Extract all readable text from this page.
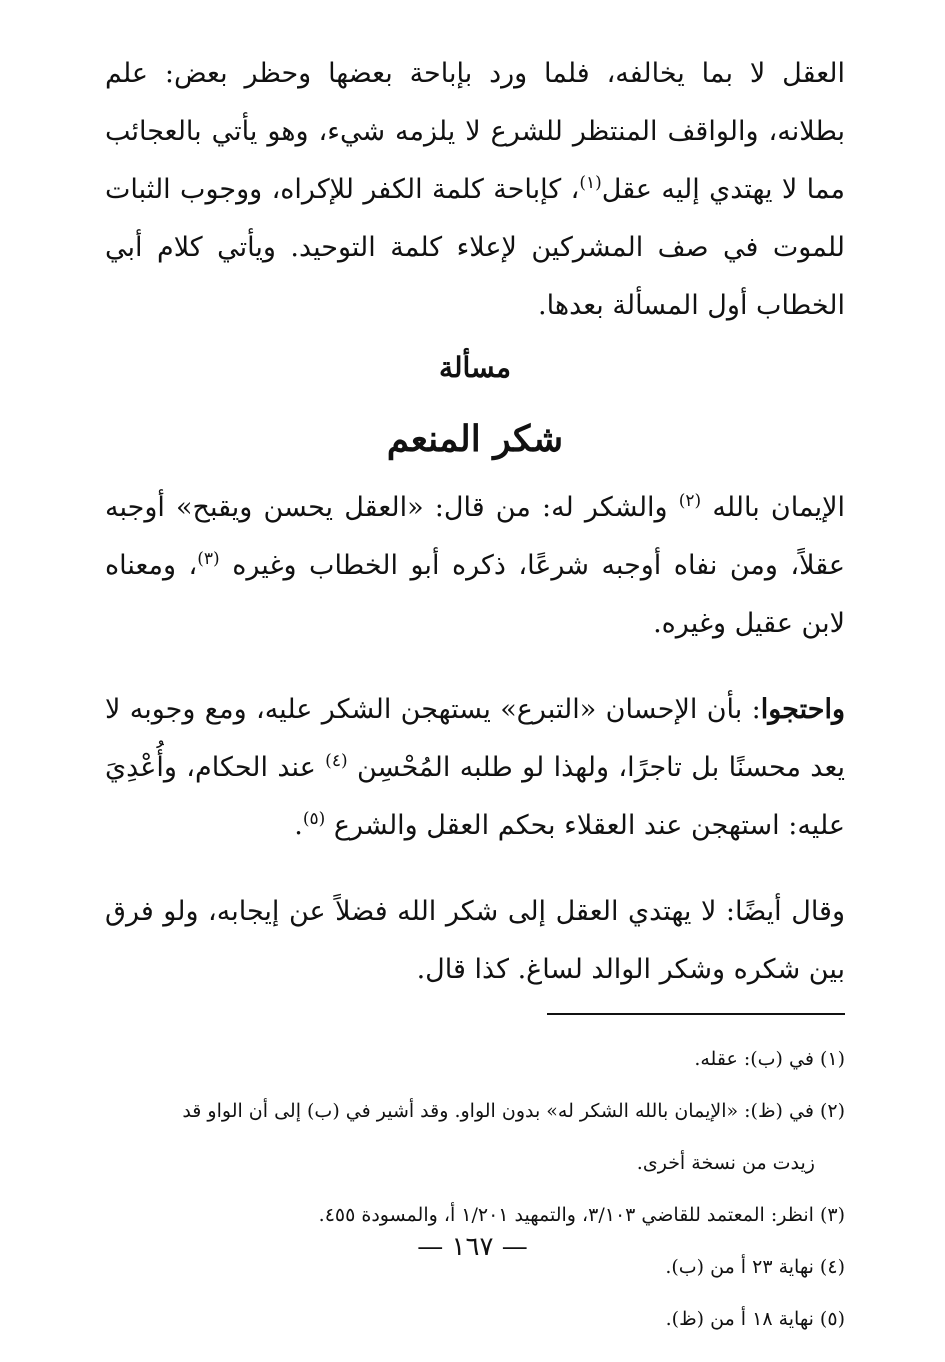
العقل لا بما يخالفه، فلما ورد بإباحة بعضها وحظر بعض: علم بطلانه، والواقف المنتظر للشرع لا يلزمه شيء، وهو يأتي بالعجائب مما لا يهتدي إليه عقل$^{(١)}$، كإباحة كلمة الكفر للإكراه، ووجوب الثبات للموت في صف المشركين لإعلاء كلمة التوحيد. ويأتي كلام أبي الخطاب أول المسألة بعدها.

مسألة
شكر المنعم

الإيمان بالله $^{(٢)}$ والشكر له: من قال: «العقل يحسن ويقبح» أوجبه عقلاً، ومن نفاه أوجبه شرعًا، ذكره أبو الخطاب وغيره $^{(٣)}$، ومعناه لابن عقيل وغيره.

واحتجوا: بأن الإحسان «التبرع» يستهجن الشكر عليه، ومع وجوبه لا يعد محسنًا بل تاجرًا، ولهذا لو طلبه المُحْسِن $^{(٤)}$ عند الحكام، وأُعْدِيَ عليه: استهجن عند العقلاء بحكم العقل والشرع $^{(٥)}$.

وقال أيضًا: لا يهتدي العقل إلى شكر الله فضلاً عن إيجابه، ولو فرق بين شكره وشكر الوالد لساغ. كذا قال.

(١) في (ب): عقله.

(٢) في (ظ): «الإيمان بالله الشكر له» بدون الواو. وقد أشير في (ب) إلى أن الواو قد
زيدت من نسخة أخرى.

(٣) انظر: المعتمد للقاضي ٣/١٠٣، والتمهيد ١/٢٠١ أ، والمسودة ٤٥٥.

(٤) نهاية ٢٣ أ من (ب).

(٥) نهاية ١٨ أ من (ظ).

— ١٦٧ —
